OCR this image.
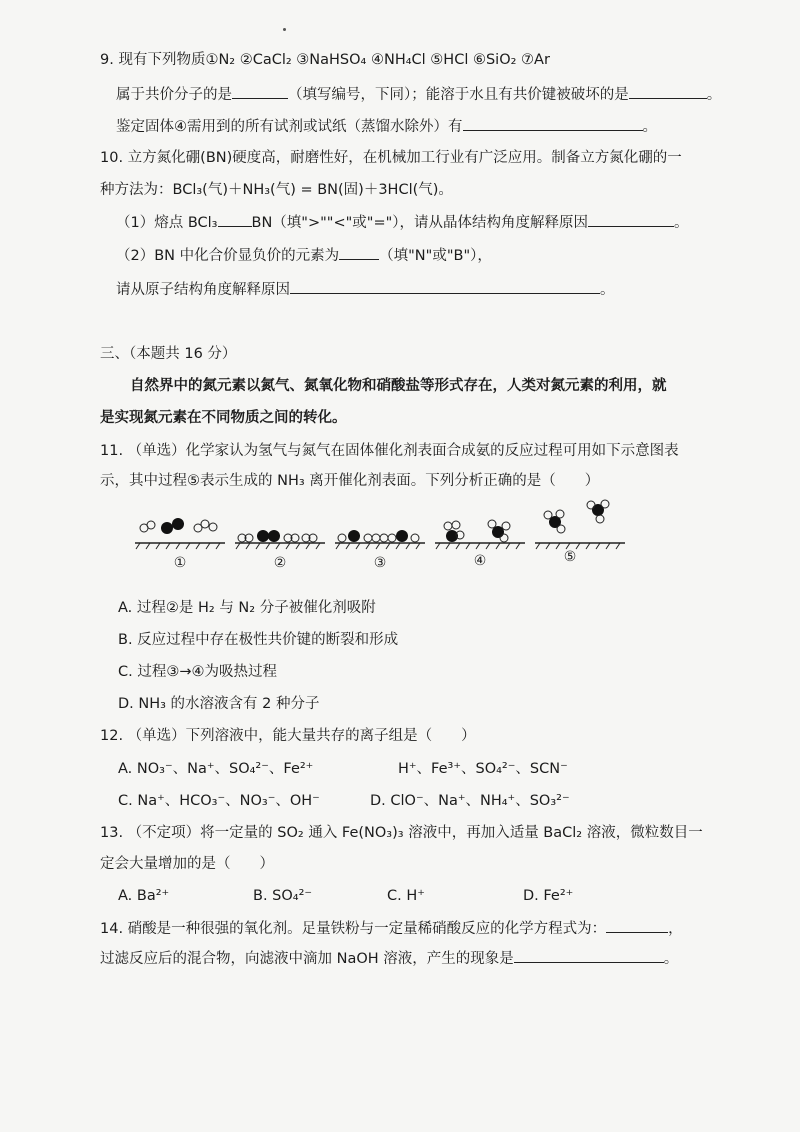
9. 现有下列物质①N₂ ②CaCl₂ ③NaHSO₄ ④NH₄Cl ⑤HCl ⑥SiO₂ ⑦Ar
属于共价分子的是	（填写编号，下同）；能溶于水且有共价键被破坏的是	。
鉴定固体④需用到的所有试剂或试纸（蒸馏水除外）有	。
10. 立方氮化硼(BN)硬度高，耐磨性好，在机械加工行业有广泛应用。制备立方氮化硼的一
种方法为：BCl₃(气)＋NH₃(气) = BN(固)＋3HCl(气)。
（1）熔点 BCl₃ BN（填">""<"或"="），请从晶体结构角度解释原因	。
（2）BN 中化合价显负价的元素为	（填"N"或"B"），
请从原子结构角度解释原因	。
三、（本题共 16 分）
自然界中的氮元素以氮气、氮氧化物和硝酸盐等形式存在，人类对氮元素的利用，就
是实现氮元素在不同物质之间的转化。
11. （单选）化学家认为氢气与氮气在固体催化剂表面合成氨的反应过程可用如下示意图表
示，其中过程⑤表示生成的 NH₃ 离开催化剂表面。下列分析正确的是（　　）
①	②	③	④	⑤
A. 过程②是 H₂ 与 N₂ 分子被催化剂吸附
B. 反应过程中存在极性共价键的断裂和形成
C. 过程③→④为吸热过程
D. NH₃ 的水溶液含有 2 种分子
12. （单选）下列溶液中，能大量共存的离子组是（　　）
A. NO₃⁻、Na⁺、SO₄²⁻、Fe²⁺	H⁺、Fe³⁺、SO₄²⁻、SCN⁻
C. Na⁺、HCO₃⁻、NO₃⁻、OH⁻	D. ClO⁻、Na⁺、NH₄⁺、SO₃²⁻
13. （不定项）将一定量的 SO₂ 通入 Fe(NO₃)₃ 溶液中，再加入适量 BaCl₂ 溶液，微粒数目一
定会大量增加的是（　　）
A. Ba²⁺	B. SO₄²⁻	C. H⁺	D. Fe²⁺
14. 硝酸是一种很强的氧化剂。足量铁粉与一定量稀硝酸反应的化学方程式为：	，
过滤反应后的混合物，向滤液中滴加 NaOH 溶液，产生的现象是	。
